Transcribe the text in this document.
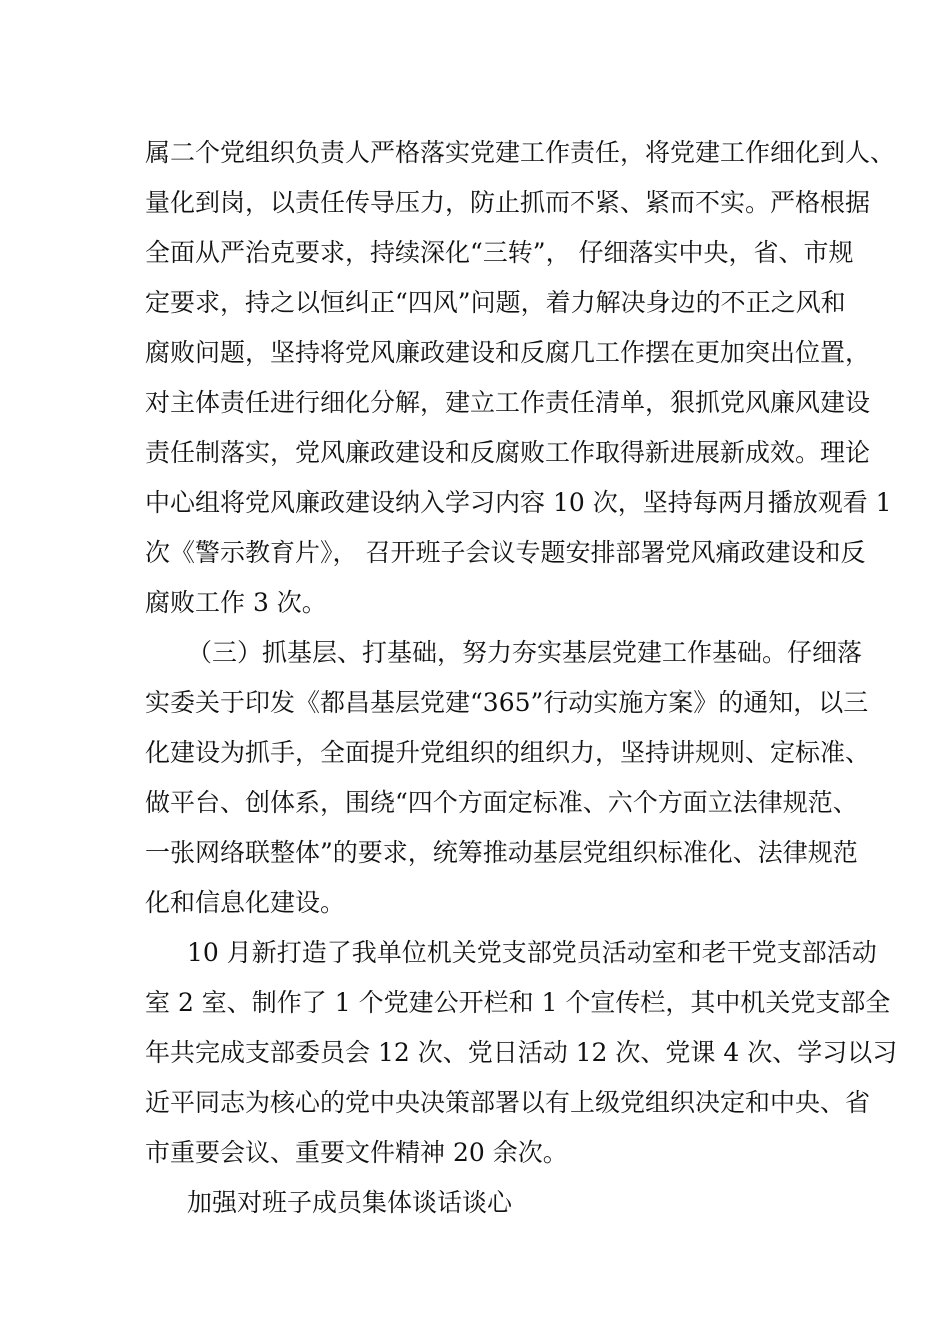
属二个党组织负责人严格落实党建工作责任，将党建工作细化到人、
量化到岗，以责任传导压力，防止抓而不紧、紧而不实。严格根据
全面从严治克要求，持续深化“三转”， 仔细落实中央，省、市规
定要求，持之以恒纠正“四风”问题，着力解决身边的不正之风和
腐败问题，坚持将党风廉政建设和反腐几工作摆在更加突出位置，
对主体责任进行细化分解，建立工作责任清单，狠抓党风廉风建设
责任制落实，党风廉政建设和反腐败工作取得新进展新成效。理论
中心组将党风廉政建设纳入学习内容 10 次，坚持每两月播放观看 1
次《警示教育片》， 召开班子会议专题安排部署党风痛政建设和反
腐败工作 3 次。
（三）抓基层、打基础，努力夯实基层党建工作基础。仔细落
实委关于印发《都昌基层党建“365”行动实施方案》的通知，以三
化建设为抓手，全面提升党组织的组织力，坚持讲规则、定标准、
做平台、创体系，围绕“四个方面定标准、六个方面立法律规范、
一张网络联整体”的要求，统筹推动基层党组织标准化、法律规范
化和信息化建设。
10 月新打造了我单位机关党支部党员活动室和老干党支部活动
室 2 室、制作了 1 个党建公开栏和 1 个宣传栏，其中机关党支部全
年共完成支部委员会 12 次、党日活动 12 次、党课 4 次、学习以习
近平同志为核心的党中央决策部署以有上级党组织决定和中央、省
市重要会议、重要文件精神 20 余次。
加强对班子成员集体谈话谈心
